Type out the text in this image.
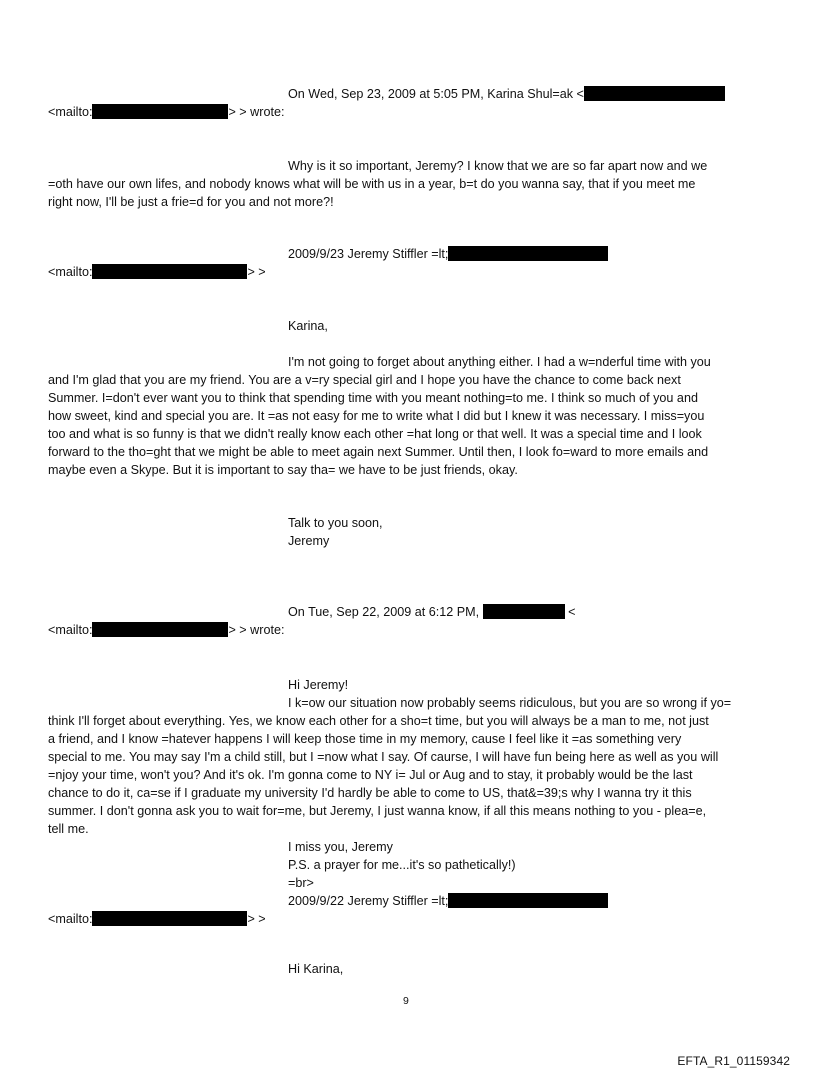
On Wed, Sep 23, 2009 at 5:05 PM, Karina Shul=ak <
<mailto:	> > wrote:
Why is it so important, Jeremy? I know that we are so far apart now and we
=oth have our own lifes, and nobody knows what will be with us in a year, b=t do you wanna say, that if you meet me
right now, I'll be just a frie=d for you and not more?!
2009/9/23 Jeremy Stiffler =lt;
<mailto:	> >
Karina,
I'm not going to forget about anything either. I had a w=nderful time with you
and I'm glad that you are my friend. You are a v=ry special girl and I hope you have the chance to come back next
Summer. I=don't ever want you to think that spending time with you meant nothing=to me. I think so much of you and
how sweet, kind and special you are. It =as not easy for me to write what I did but I knew it was necessary. I miss=you
too and what is so funny is that we didn't really know each other =hat long or that well. It was a special time and I look
forward to the tho=ght that we might be able to meet again next Summer. Until then, I look fo=ward to more emails and
maybe even a Skype. But it is important to say tha= we have to be just friends, okay.
Talk to you soon,
Jeremy
On Tue, Sep 22, 2009 at 6:12 PM,	<
<mailto:	> > wrote:
Hi Jeremy!
I k=ow our situation now probably seems ridiculous, but you are so wrong if yo=
think I'll forget about everything. Yes, we know each other for a sho=t time, but you will always be a man to me, not just
a friend, and I know =hatever happens I will keep those time in my memory, cause I feel like it =as something very
special to me. You may say I'm a child still, but I =now what I say. Of caurse, I will have fun being here as well as you will
=njoy your time, won't you? And it's ok. I'm gonna come to NY i= Jul or Aug and to stay, it probably would be the last
chance to do it, ca=se if I graduate my university I'd hardly be able to come to US, that&=39;s why I wanna try it this
summer. I don't gonna ask you to wait for=me, but Jeremy, I just wanna know, if all this means nothing to you - plea=e,
tell me.
I miss you, Jeremy
P.S. a prayer for me...it's so pathetically!)
=br>
2009/9/22 Jeremy Stiffler =lt;
<mailto:	> >
Hi Karina,
9
EFTA_R1_01159342
